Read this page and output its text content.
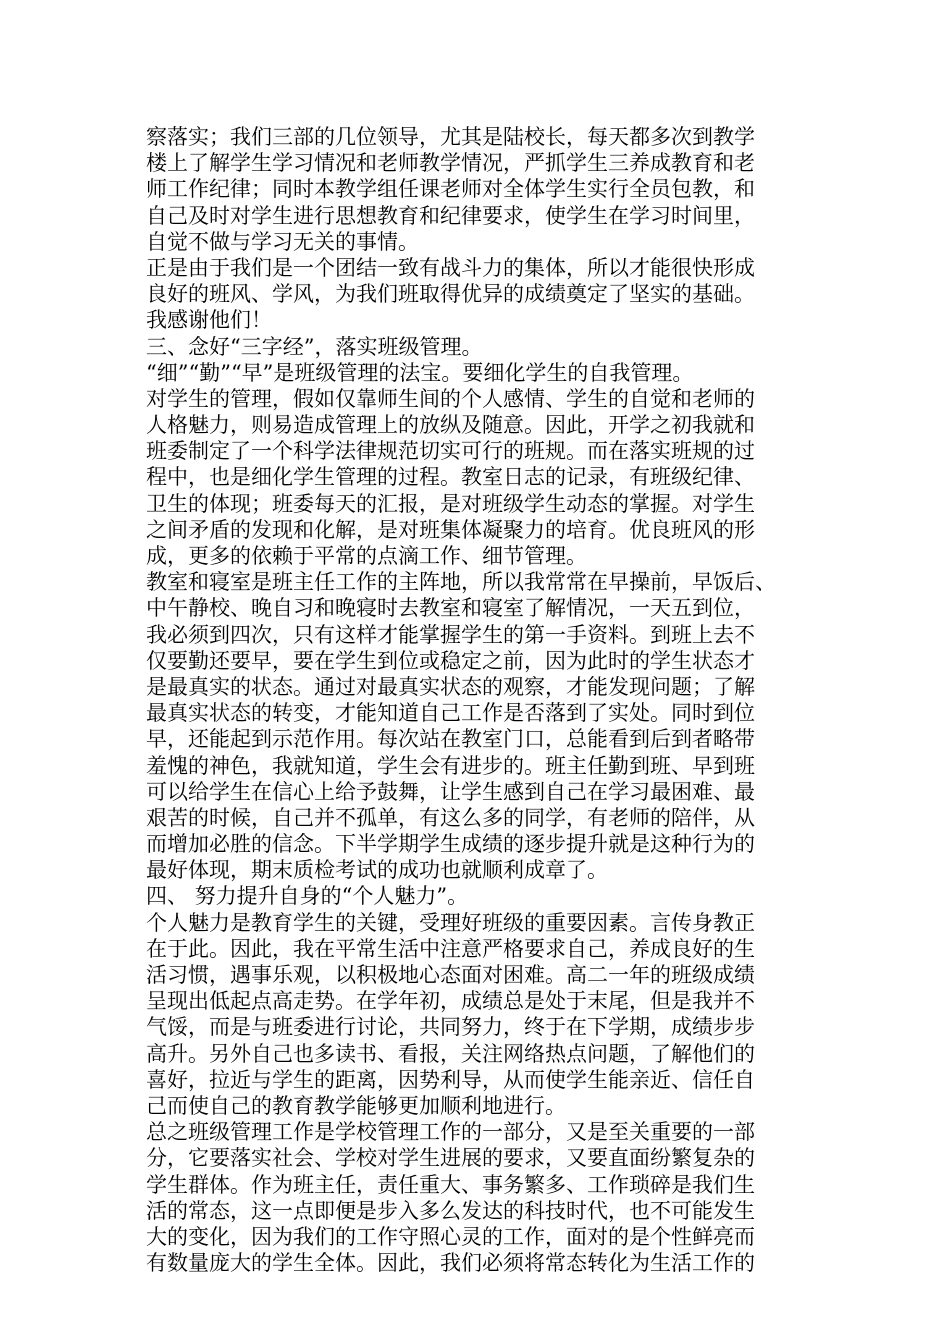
察落实；我们三部的几位领导，尤其是陆校长，每天都多次到教学
楼上了解学生学习情况和老师教学情况，严抓学生三养成教育和老
师工作纪律；同时本教学组任课老师对全体学生实行全员包教，和
自己及时对学生进行思想教育和纪律要求，使学生在学习时间里，
自觉不做与学习无关的事情。
正是由于我们是一个团结一致有战斗力的集体，所以才能很快形成
良好的班风、学风，为我们班取得优异的成绩奠定了坚实的基础。
我感谢他们！
三、念好“三字经”，落实班级管理。
“细”“勤”“早”是班级管理的法宝。要细化学生的自我管理。
对学生的管理，假如仅靠师生间的个人感情、学生的自觉和老师的
人格魅力，则易造成管理上的放纵及随意。因此，开学之初我就和
班委制定了一个科学法律规范切实可行的班规。而在落实班规的过
程中，也是细化学生管理的过程。教室日志的记录，有班级纪律、
卫生的体现；班委每天的汇报，是对班级学生动态的掌握。对学生
之间矛盾的发现和化解，是对班集体凝聚力的培育。优良班风的形
成，更多的依赖于平常的点滴工作、细节管理。
教室和寝室是班主任工作的主阵地，所以我常常在早操前，早饭后、
中午静校、晚自习和晚寝时去教室和寝室了解情况，一天五到位，
我必须到四次，只有这样才能掌握学生的第一手资料。到班上去不
仅要勤还要早，要在学生到位或稳定之前，因为此时的学生状态才
是最真实的状态。通过对最真实状态的观察，才能发现问题；了解
最真实状态的转变，才能知道自己工作是否落到了实处。同时到位
早，还能起到示范作用。每次站在教室门口，总能看到后到者略带
羞愧的神色，我就知道，学生会有进步的。班主任勤到班、早到班
可以给学生在信心上给予鼓舞，让学生感到自己在学习最困难、最
艰苦的时候，自己并不孤单，有这么多的同学，有老师的陪伴，从
而增加必胜的信念。下半学期学生成绩的逐步提升就是这种行为的
最好体现，期末质检考试的成功也就顺利成章了。
四、 努力提升自身的“个人魅力”。
个人魅力是教育学生的关键，受理好班级的重要因素。言传身教正
在于此。因此，我在平常生活中注意严格要求自己，养成良好的生
活习惯，遇事乐观，以积极地心态面对困难。高二一年的班级成绩
呈现出低起点高走势。在学年初，成绩总是处于末尾，但是我并不
气馁，而是与班委进行讨论，共同努力，终于在下学期，成绩步步
高升。另外自己也多读书、看报，关注网络热点问题，了解他们的
喜好，拉近与学生的距离，因势利导，从而使学生能亲近、信任自
己而使自己的教育教学能够更加顺利地进行。
总之班级管理工作是学校管理工作的一部分，又是至关重要的一部
分，它要落实社会、学校对学生进展的要求，又要直面纷繁复杂的
学生群体。作为班主任，责任重大、事务繁多、工作琐碎是我们生
活的常态，这一点即便是步入多么发达的科技时代，也不可能发生
大的变化，因为我们的工作守照心灵的工作，面对的是个性鲜亮而
有数量庞大的学生全体。因此，我们必须将常态转化为生活工作的
